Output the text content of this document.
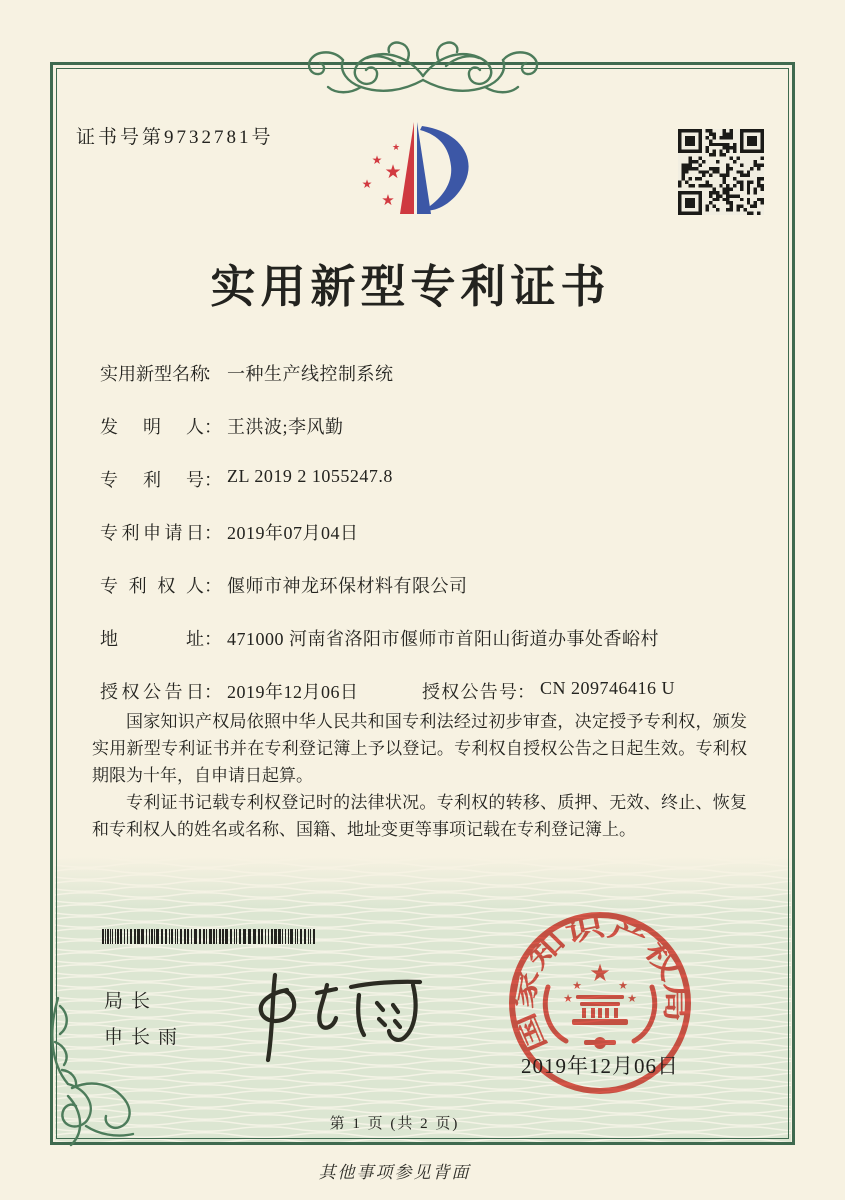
证书号第9732781号	★
★
★
★
★
实用新型专利证书
实用新型名称： 一种生产线控制系统
发明人： 王洪波;李风勤
专利号： ZL 2019 2 1055247.8
专利申请日： 2019年07月04日
专利权人： 偃师市神龙环保材料有限公司
地址： 471000 河南省洛阳市偃师市首阳山街道办事处香峪村
授权公告日： 2019年12月06日	授权公告号： CN 209746416 U

国家知识产权局依照中华人民共和国专利法经过初步审查，决定授予专利权，颁发实用新型专利证书并在专利登记簿上予以登记。专利权自授权公告之日起生效。专利权期限为十年，自申请日起算。

专利证书记载专利权登记时的法律状况。专利权的转移、质押、无效、终止、恢复和专利权人的姓名或名称、国籍、地址变更等事项记载在专利登记簿上。

局长
申长雨	国家知识产权局
★
★
★
★
★
2019年12月06日
第 1 页 (共 2 页)
其他事项参见背面
